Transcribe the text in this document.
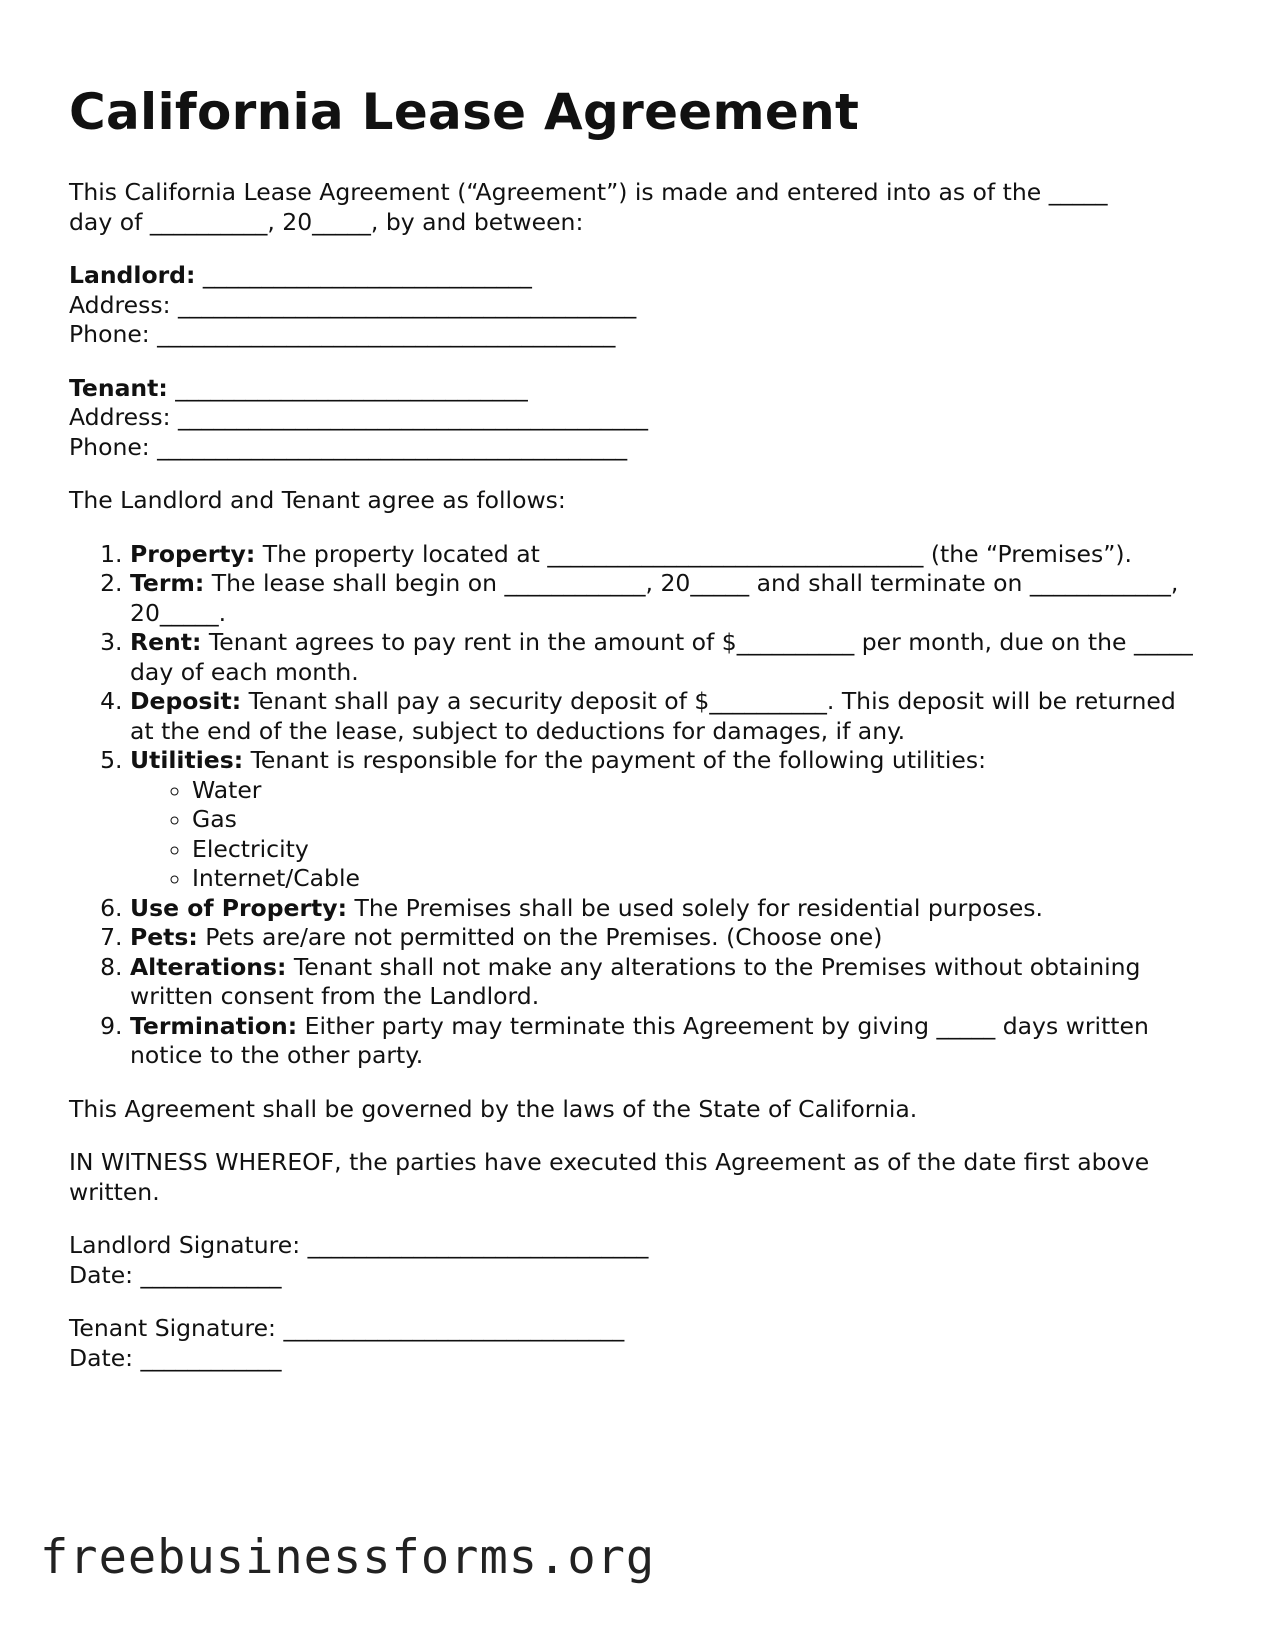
California Lease Agreement

This California Lease Agreement (“Agreement”) is made and entered into as of the _____

day of __________, 20_____, by and between:

Landlord: ____________________________

Address: _______________________________________

Phone: _______________________________________

Tenant: ______________________________

Address: ________________________________________

Phone: ________________________________________

The Landlord and Tenant agree as follows:

1. Property: The property located at ________________________________ (the “Premises”).
2. Term: The lease shall begin on ____________, 20_____ and shall terminate on ____________, 20_____.
3. Rent: Tenant agrees to pay rent in the amount of $__________ per month, due on the _____ day of each month.
4. Deposit: Tenant shall pay a security deposit of $__________. This deposit will be returned at the end of the lease, subject to deductions for damages, if any.
5. Utilities: Tenant is responsible for the payment of the following utilities:
◦ Water
◦ Gas
◦ Electricity
◦ Internet/Cable
6. Use of Property: The Premises shall be used solely for residential purposes.
7. Pets: Pets are/are not permitted on the Premises. (Choose one)
8. Alterations: Tenant shall not make any alterations to the Premises without obtaining written consent from the Landlord.
9. Termination: Either party may terminate this Agreement by giving _____ days written notice to the other party.

This Agreement shall be governed by the laws of the State of California.

IN WITNESS WHEREOF, the parties have executed this Agreement as of the date first above written.

Landlord Signature: _____________________________

Date: ____________

Tenant Signature: _____________________________

Date: ____________

freebusinessforms.org
